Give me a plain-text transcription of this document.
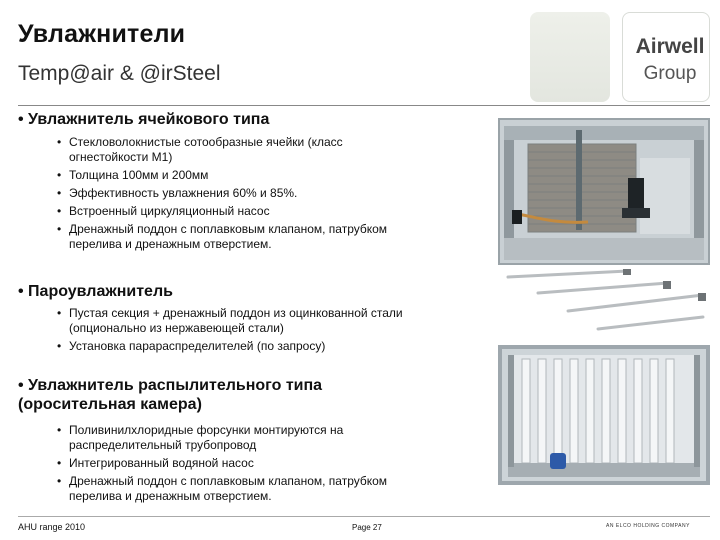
Увлажнители
Temp@air & @irSteel
Airwell
Group
• Увлажнитель ячейкового типа
• Стекловолокнистые сотообразные ячейки (класс огнестойкости М1)
• Толщина 100мм и 200мм
• Эффективность увлажнения 60% и 85%.
• Встроенный циркуляционный насос
• Дренажный поддон с поплавковым клапаном, патрубком перелива и дренажным отверстием.
• Пароувлажнитель
• Пустая секция + дренажный поддон из оцинкованной стали (опционально из нержавеющей стали)
• Установка парараспределителей (по запросу)
• Увлажнитель распылительного типа (оросительная камера)
• Поливинилхлоридные форсунки монтируются на распределительный трубопровод
• Интегрированный водяной насос
• Дренажный поддон с поплавковым клапаном, патрубком перелива и дренажным отверстием.
AHU range 2010	Page 27	AN ELCO HOLDING COMPANY
